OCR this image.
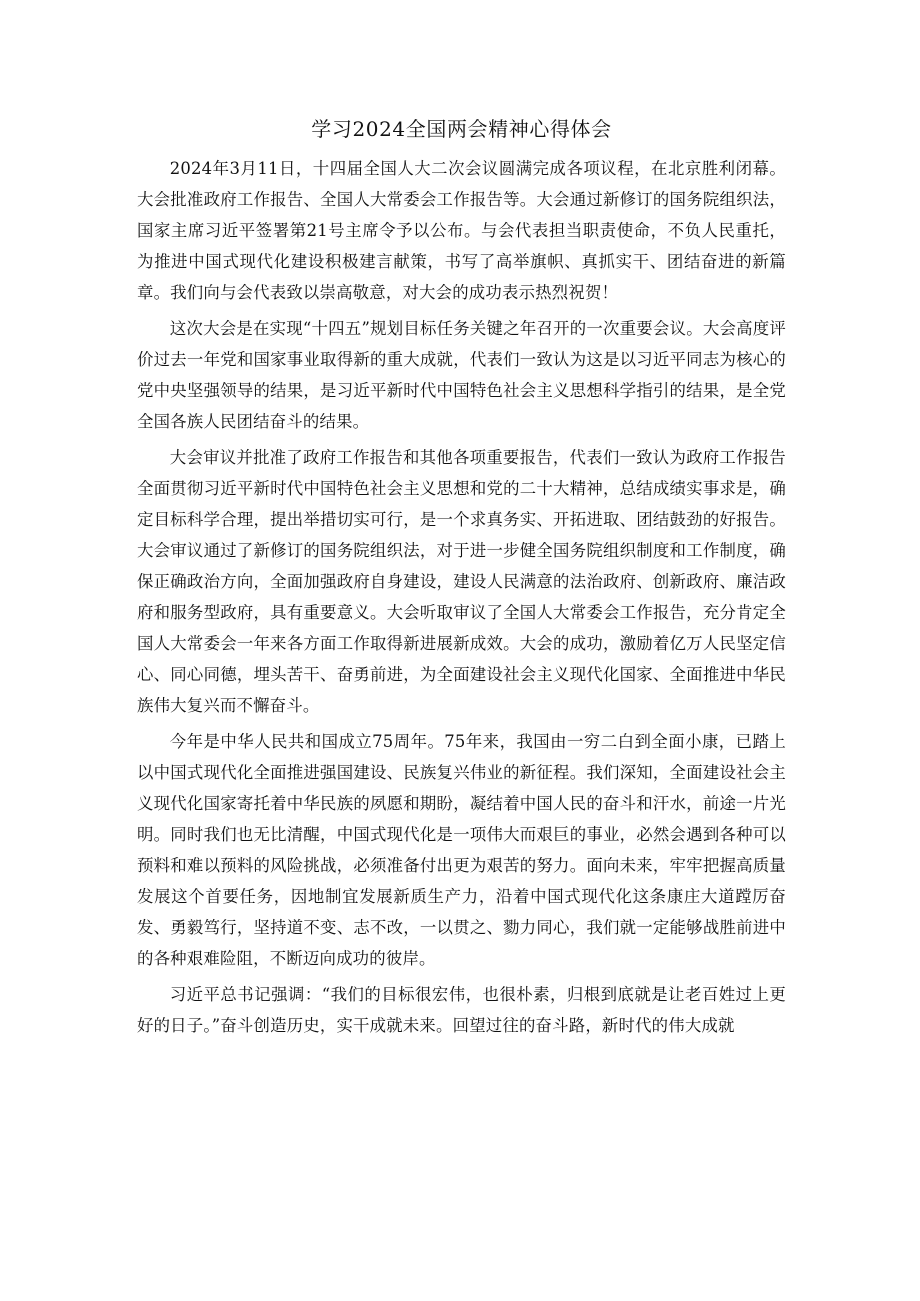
学习2024全国两会精神心得体会

2024年3月11日，十四届全国人大二次会议圆满完成各项议程，在北京胜利闭幕。大会批准政府工作报告、全国人大常委会工作报告等。大会通过新修订的国务院组织法，国家主席习近平签署第21号主席令予以公布。与会代表担当职责使命，不负人民重托，为推进中国式现代化建设积极建言献策，书写了高举旗帜、真抓实干、团结奋进的新篇章。我们向与会代表致以崇高敬意，对大会的成功表示热烈祝贺！

这次大会是在实现“十四五”规划目标任务关键之年召开的一次重要会议。大会高度评价过去一年党和国家事业取得新的重大成就，代表们一致认为这是以习近平同志为核心的党中央坚强领导的结果，是习近平新时代中国特色社会主义思想科学指引的结果，是全党全国各族人民团结奋斗的结果。

大会审议并批准了政府工作报告和其他各项重要报告，代表们一致认为政府工作报告全面贯彻习近平新时代中国特色社会主义思想和党的二十大精神，总结成绩实事求是，确定目标科学合理，提出举措切实可行，是一个求真务实、开拓进取、团结鼓劲的好报告。大会审议通过了新修订的国务院组织法，对于进一步健全国务院组织制度和工作制度，确保正确政治方向，全面加强政府自身建设，建设人民满意的法治政府、创新政府、廉洁政府和服务型政府，具有重要意义。大会听取审议了全国人大常委会工作报告，充分肯定全国人大常委会一年来各方面工作取得新进展新成效。大会的成功，激励着亿万人民坚定信心、同心同德，埋头苦干、奋勇前进，为全面建设社会主义现代化国家、全面推进中华民族伟大复兴而不懈奋斗。

今年是中华人民共和国成立75周年。75年来，我国由一穷二白到全面小康，已踏上以中国式现代化全面推进强国建设、民族复兴伟业的新征程。我们深知，全面建设社会主义现代化国家寄托着中华民族的夙愿和期盼，凝结着中国人民的奋斗和汗水，前途一片光明。同时我们也无比清醒，中国式现代化是一项伟大而艰巨的事业，必然会遇到各种可以预料和难以预料的风险挑战，必须准备付出更为艰苦的努力。面向未来，牢牢把握高质量发展这个首要任务，因地制宜发展新质生产力，沿着中国式现代化这条康庄大道蹚厉奋发、勇毅笃行，坚持道不变、志不改，一以贯之、勠力同心，我们就一定能够战胜前进中的各种艰难险阻，不断迈向成功的彼岸。

习近平总书记强调：“我们的目标很宏伟，也很朴素，归根到底就是让老百姓过上更好的日子。”奋斗创造历史，实干成就未来。回望过往的奋斗路，新时代的伟大成就
